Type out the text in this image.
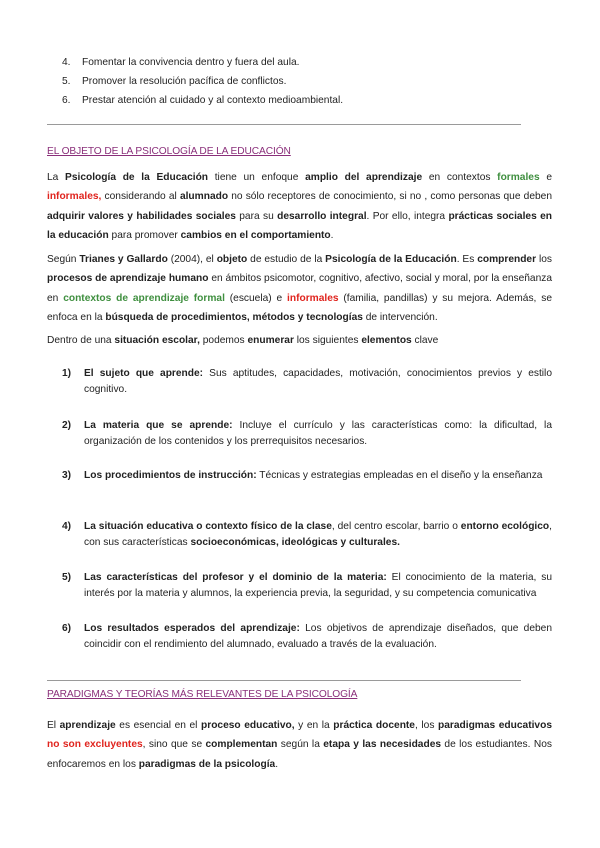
4. Fomentar la convivencia dentro y fuera del aula.
5. Promover la resolución pacífica de conflictos.
6. Prestar atención al cuidado y al contexto medioambiental.
EL OBJETO DE LA PSICOLOGÍA DE LA EDUCACIÓN
La Psicología de la Educación tiene un enfoque amplio del aprendizaje en contextos formales e informales, considerando al alumnado no sólo receptores de conocimiento, si no , como personas que deben adquirir valores y habilidades sociales para su desarrollo integral. Por ello, integra prácticas sociales en la educación para promover cambios en el comportamiento.
Según Trianes y Gallardo (2004), el objeto de estudio de la Psicología de la Educación. Es comprender los procesos de aprendizaje humano en ámbitos psicomotor, cognitivo, afectivo, social y moral, por la enseñanza en contextos de aprendizaje formal (escuela) e informales (familia, pandillas) y su mejora. Además, se enfoca en la búsqueda de procedimientos, métodos y tecnologías de intervención.
Dentro de una situación escolar, podemos enumerar los siguientes elementos clave
1) El sujeto que aprende: Sus aptitudes, capacidades, motivación, conocimientos previos y estilo cognitivo.
2) La materia que se aprende: Incluye el currículo y las características como: la dificultad, la organización de los contenidos y los prerrequisitos necesarios.
3) Los procedimientos de instrucción: Técnicas y estrategias empleadas en el diseño y la enseñanza
4) La situación educativa o contexto físico de la clase, del centro escolar, barrio o entorno ecológico, con sus características socioeconómicas, ideológicas y culturales.
5) Las características del profesor y el dominio de la materia: El conocimiento de la materia, su interés por la materia y alumnos, la experiencia previa, la seguridad, y su competencia comunicativa
6) Los resultados esperados del aprendizaje: Los objetivos de aprendizaje diseñados, que deben coincidir con el rendimiento del alumnado, evaluado a través de la evaluación.
PARADIGMAS Y TEORÍAS MÁS RELEVANTES DE LA PSICOLOGÍA
El aprendizaje es esencial en el proceso educativo, y en la práctica docente, los paradigmas educativos no son excluyentes, sino que se complementan según la etapa y las necesidades de los estudiantes. Nos enfocaremos en los paradigmas de la psicología.
